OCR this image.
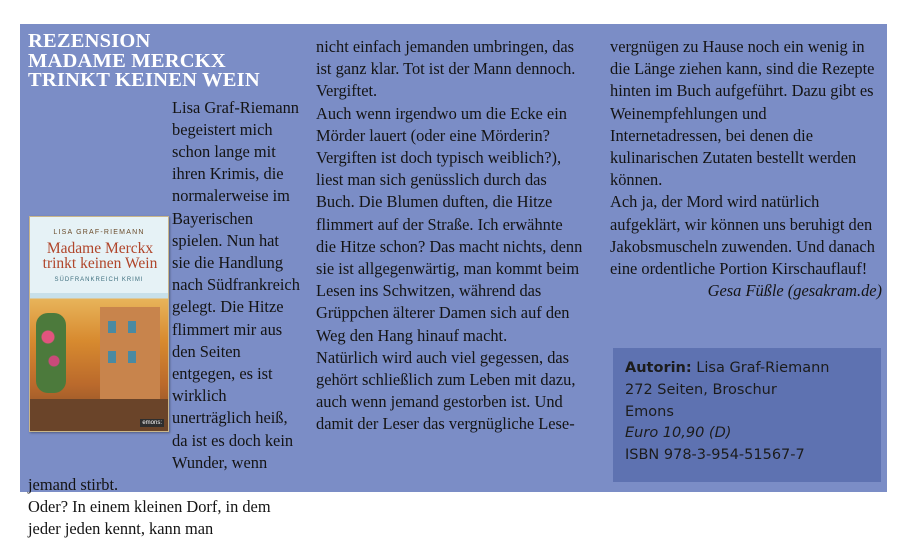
REZENSION
MADAME MERCKX
TRINKT KEINEN WEIN

Lisa Graf-Riemann begeistert mich schon lange mit ihren Krimis, die normalerweise im Bayerischen spielen. Nun hat sie die Handlung nach Südfrankreich gelegt. Die Hitze flimmert mir aus den Seiten entgegen, es ist wirklich unerträglich heiß, da ist es doch kein Wunder, wenn jemand stirbt.

Oder? In einem kleinen Dorf, in dem jeder jeden kennt, kann man

nicht einfach jemanden umbringen, das ist ganz klar. Tot ist der Mann dennoch. Vergiftet.

Auch wenn irgendwo um die Ecke ein Mörder lauert (oder eine Mörderin? Vergiften ist doch typisch weiblich?), liest man sich genüsslich durch das Buch. Die Blumen duften, die Hitze flimmert auf der Straße. Ich erwähnte die Hitze schon? Das macht nichts, denn sie ist allgegenwärtig, man kommt beim Lesen ins Schwitzen, während das Grüppchen älterer Damen sich auf den Weg den Hang hinauf macht.

Natürlich wird auch viel gegessen, das gehört schließlich zum Leben mit dazu, auch wenn jemand gestorben ist. Und damit der Leser das vergnügliche Lese-

vergnügen zu Hause noch ein wenig in die Länge ziehen kann, sind die Rezepte hinten im Buch aufgeführt. Dazu gibt es Weinempfehlungen und Internetadressen, bei denen die kulinarischen Zutaten bestellt werden können.

Ach ja, der Mord wird natürlich aufgeklärt, wir können uns beruhigt den Jakobsmuscheln zuwenden. Und danach eine ordentliche Portion Kirschauflauf!

Gesa Füßle (gesakram.de)

LISA GRAF-RIEMANN
Madame Merckx
trinkt keinen Wein
SÜDFRANKREICH KRIMI
emons:

Autorin: Lisa Graf-Riemann

272 Seiten, Broschur

Emons

Euro 10,90 (D)

ISBN 978-3-954-51567-7
